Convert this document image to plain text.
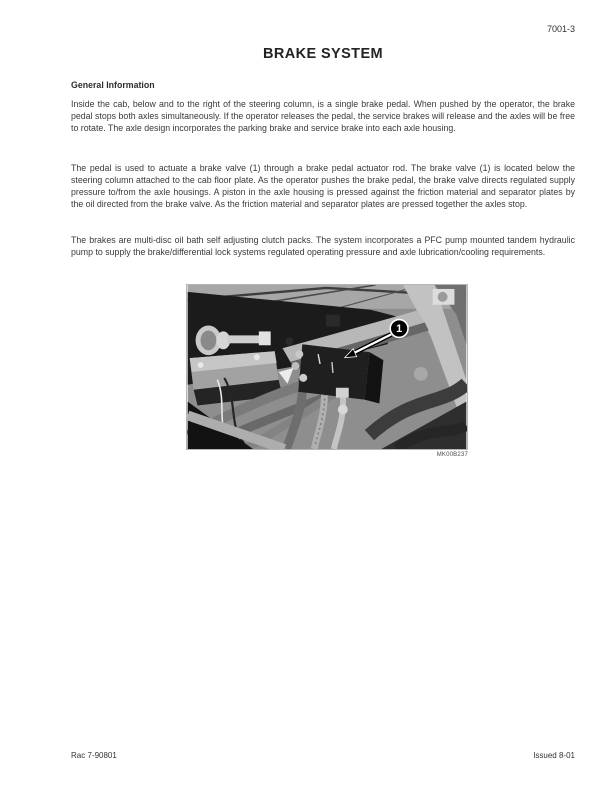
7001-3
BRAKE SYSTEM
General Information

Inside the cab, below and to the right of the steering column, is a single brake pedal. When pushed by the operator, the brake pedal stops both axles simultaneously. If the operator releases the pedal, the service brakes will release and the axles will be free to rotate. The axle design incorporates the parking brake and service brake into each axle housing.

The pedal is used to actuate a brake valve (1) through a brake pedal actuator rod. The brake valve (1) is located below the steering column attached to the cab floor plate. As the operator pushes the brake pedal, the brake valve directs regulated supply pressure to/from the axle housings. A piston in the axle housing is pressed against the friction material and separator plates by the oil directed from the brake valve. As the friction material and separator plates are pressed together the axles stop.

The brakes are multi-disc oil bath self adjusting clutch packs. The system incorporates a PFC pump mounted tandem hydraulic pump to supply the brake/differential lock systems regulated operating pressure and axle lubrication/cooling requirements.

1
MK00B237
Rac 7-90801	Issued 8-01
